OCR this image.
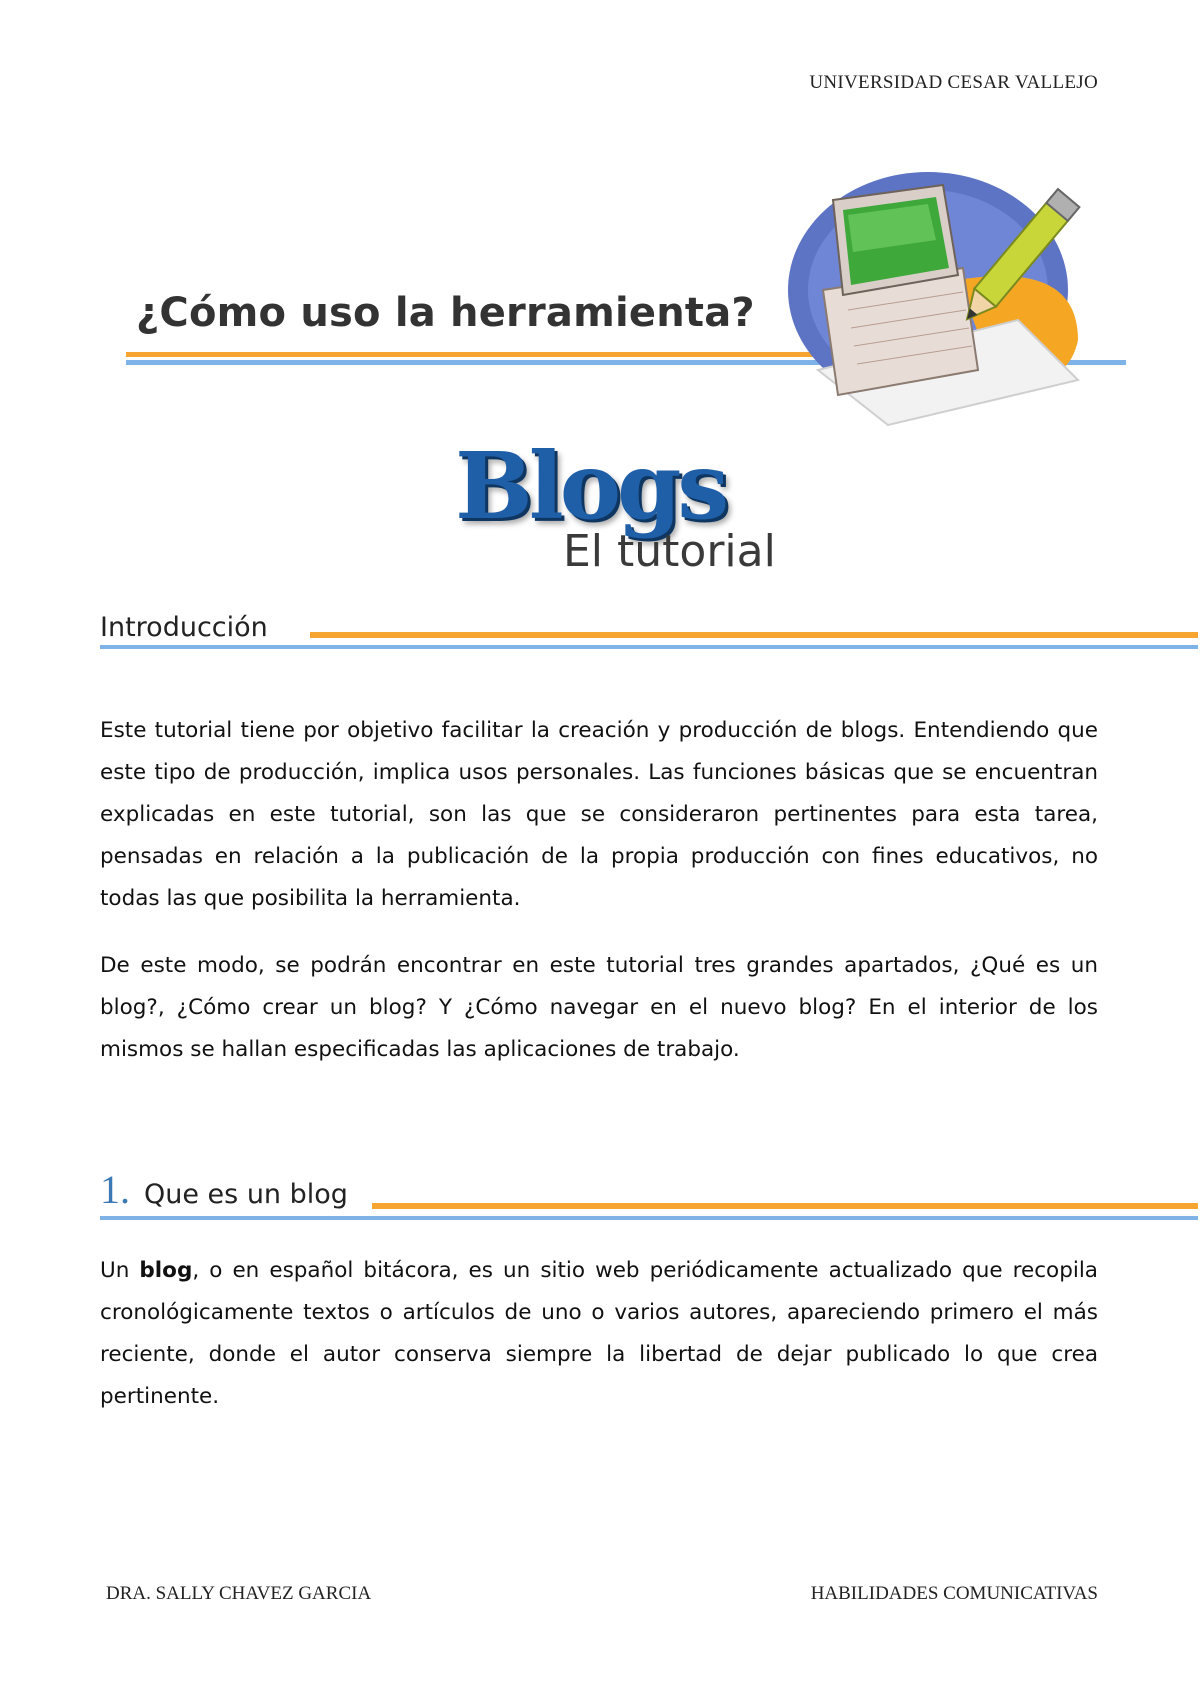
UNIVERSIDAD CESAR VALLEJO
¿Cómo uso la herramienta?
Blogs
El tutorial
Introducción

Este tutorial tiene por objetivo facilitar la creación y producción de blogs. Entendiendo que este tipo de producción, implica usos personales. Las funciones básicas que se encuentran explicadas en este tutorial, son las que se consideraron pertinentes para esta tarea, pensadas en relación a la publicación de la propia producción con fines educativos, no todas las que posibilita la herramienta.

De este modo, se podrán encontrar en este tutorial tres grandes apartados, ¿Qué es un blog?, ¿Cómo crear un blog? Y ¿Cómo navegar en el nuevo blog? En el interior de los mismos se hallan especificadas las aplicaciones de trabajo.

1. Que es un blog

Un blog, o en español bitácora, es un sitio web periódicamente actualizado que recopila cronológicamente textos o artículos de uno o varios autores, apareciendo primero el más reciente, donde el autor conserva siempre la libertad de dejar publicado lo que crea pertinente.

DRA. SALLY CHAVEZ GARCIA	HABILIDADES COMUNICATIVAS
